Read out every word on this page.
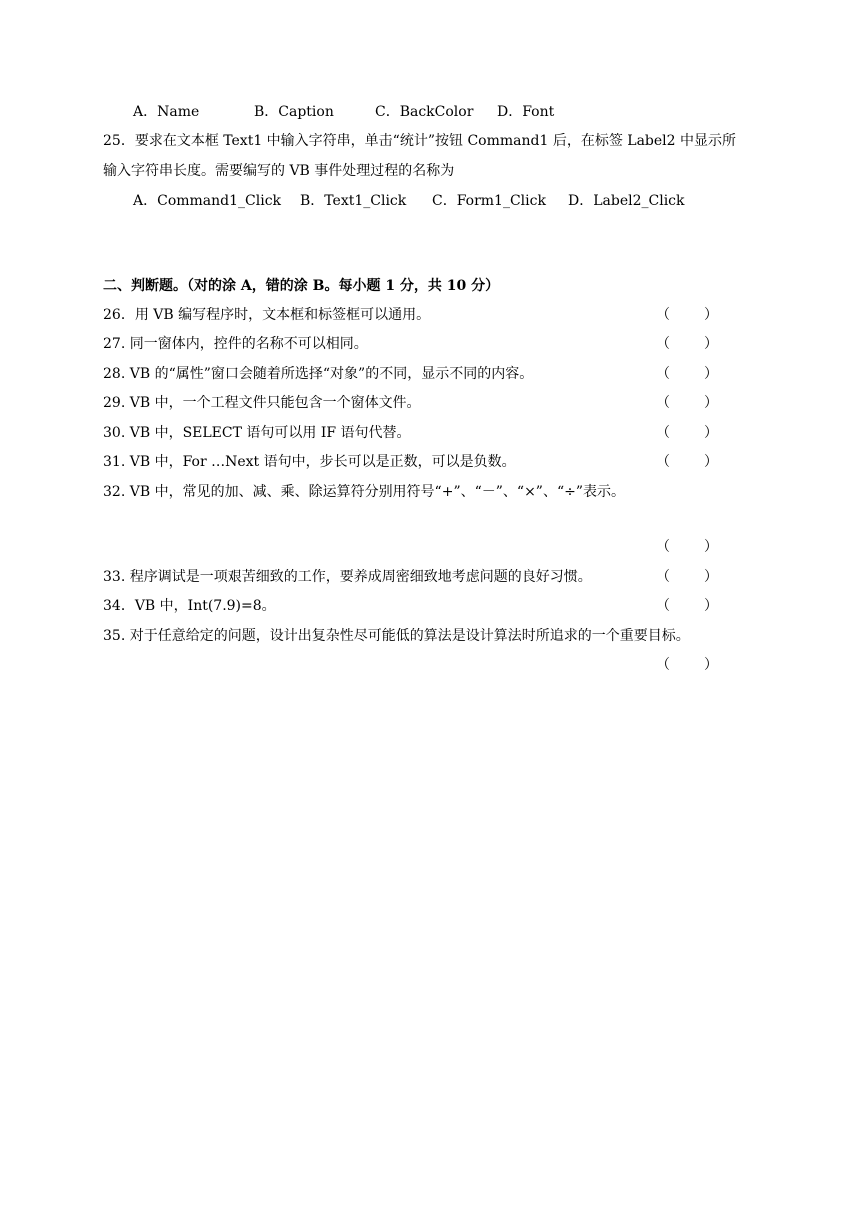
A．Name	B．Caption	C．BackColor D．Font
25．要求在文本框 Text1 中输入字符串，单击“统计”按钮 Command1 后，在标签 Label2 中显示所
输入字符串长度。需要编写的 VB 事件处理过程的名称为
A．Command1_Click B．Text1_Click C．Form1_Click D．Label2_Click
二、判断题。（对的涂 A，错的涂 B。每小题 1 分，共 10 分）
26．用 VB 编写程序时，文本框和标签框可以通用。	（ ）
27. 同一窗体内，控件的名称不可以相同。	（ ）
28. VB 的“属性”窗口会随着所选择“对象”的不同，显示不同的内容。	（ ）
29. VB 中，一个工程文件只能包含一个窗体文件。	（ ）
30. VB 中，SELECT 语句可以用 IF 语句代替。	（ ）
31. VB 中，For …Next 语句中，步长可以是正数，可以是负数。	（ ）
32. VB 中，常见的加、减、乘、除运算符分别用符号“+”、“－”、“×”、“÷”表示。
（ ）
33. 程序调试是一项艰苦细致的工作，要养成周密细致地考虑问题的良好习惯。	（ ）
34．VB 中，Int(7.9)=8。	（ ）
35. 对于任意给定的问题，设计出复杂性尽可能低的算法是设计算法时所追求的一个重要目标。
（ ）
